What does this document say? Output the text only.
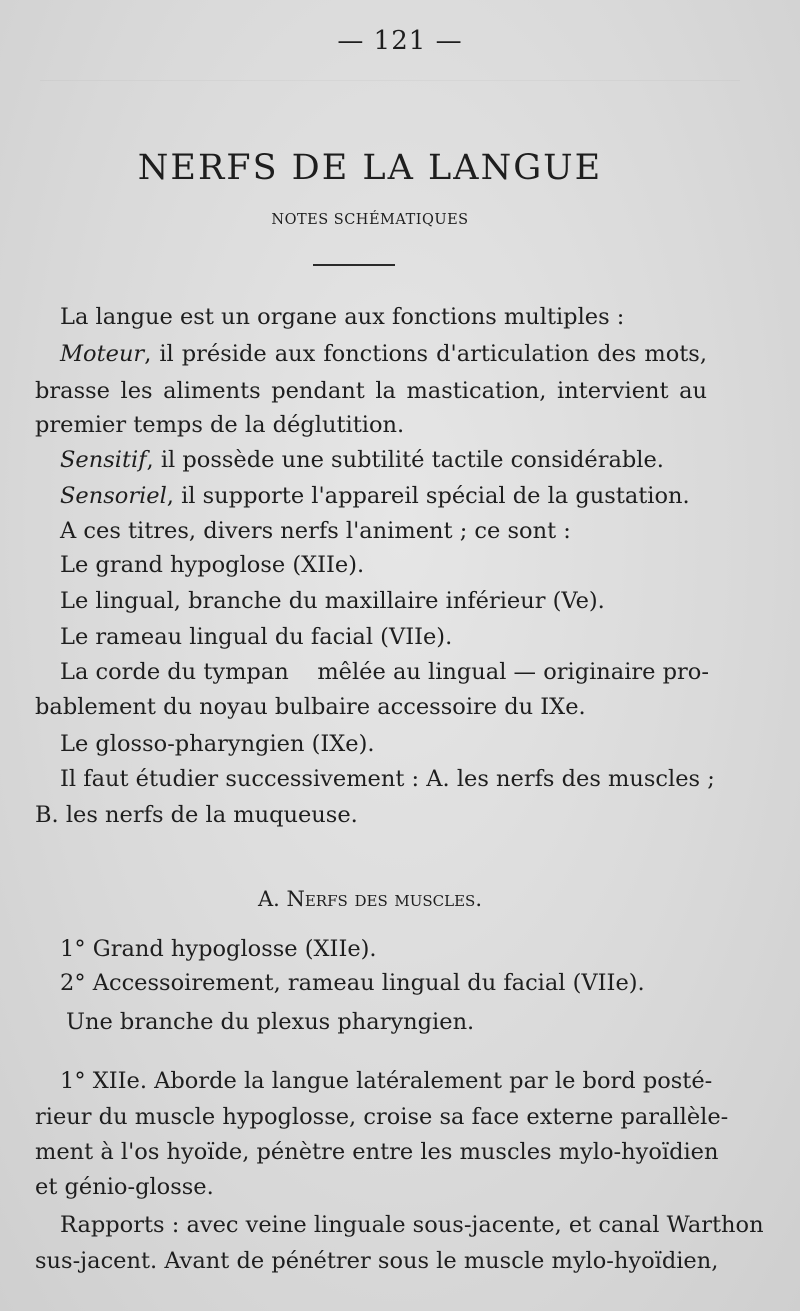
— 121 —
NERFS DE LA LANGUE
NOTES SCHÉMATIQUES
La langue est un organe aux fonctions multiples :
Moteur, il préside aux fonctions d'articulation des mots,
brasse les aliments pendant la mastication, intervient au
premier temps de la déglutition.
Sensitif, il possède une subtilité tactile considérable.
Sensoriel, il supporte l'appareil spécial de la gustation.
A ces titres, divers nerfs l'animent ; ce sont :
Le grand hypoglose (XIIe).
Le lingual, branche du maxillaire inférieur (Ve).
Le rameau lingual du facial (VIIe).
La corde du tympan    mêlée au lingual — originaire pro-
bablement du noyau bulbaire accessoire du IXe.
Le glosso-pharyngien (IXe).
Il faut étudier successivement : A. les nerfs des muscles ;
B. les nerfs de la muqueuse.
A. Nerfs des muscles.
1° Grand hypoglosse (XIIe).
2° Accessoirement, rameau lingual du facial (VIIe).
Une branche du plexus pharyngien.
1° XIIe. Aborde la langue latéralement par le bord posté-
rieur du muscle hypoglosse, croise sa face externe parallèle-
ment à l'os hyoïde, pénètre entre les muscles mylo-hyoïdien
et génio-glosse.
Rapports : avec veine linguale sous-jacente, et canal Warthon
sus-jacent. Avant de pénétrer sous le muscle mylo-hyoïdien,
